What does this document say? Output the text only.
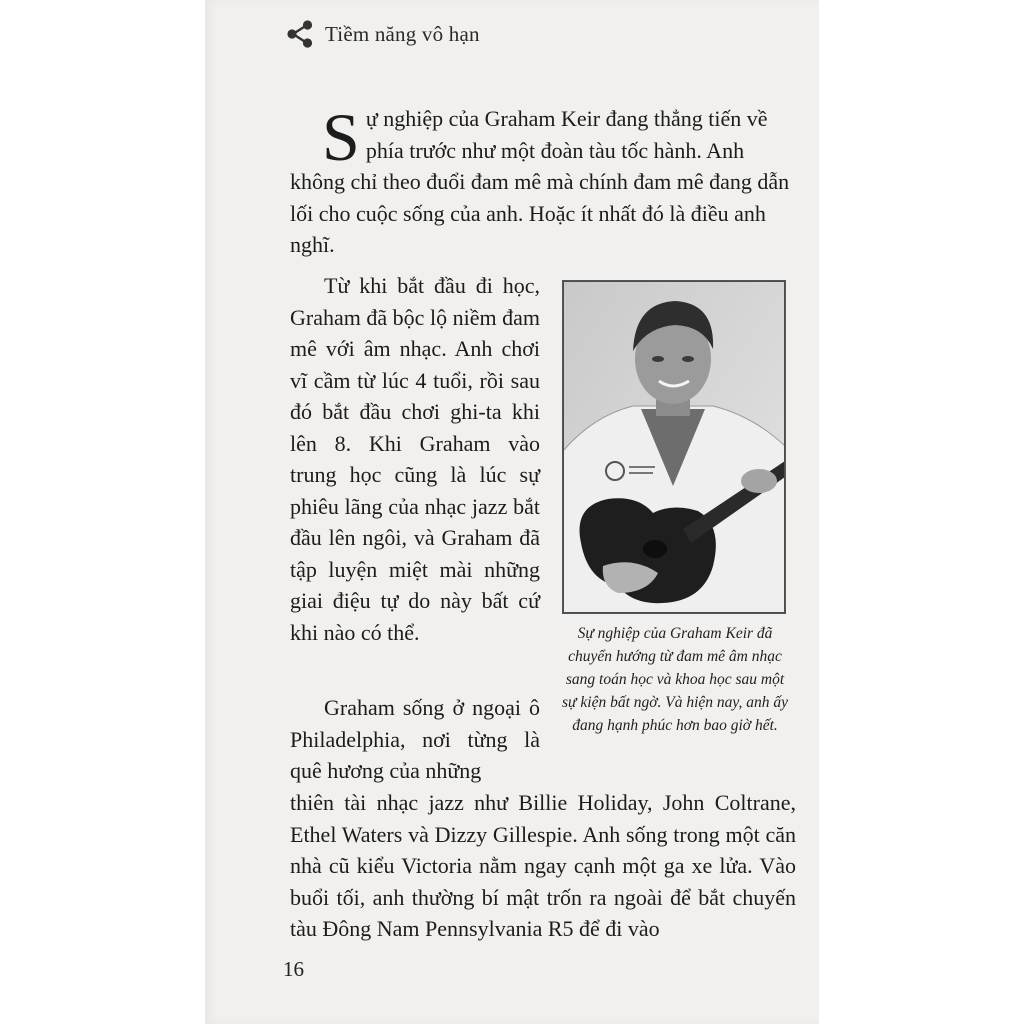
Tiềm năng vô hạn

Sự nghiệp của Graham Keir đang thẳng tiến về phía trước như một đoàn tàu tốc hành. Anh không chỉ theo đuổi đam mê mà chính đam mê đang dẫn lối cho cuộc sống của anh. Hoặc ít nhất đó là điều anh nghĩ.

Từ khi bắt đầu đi học, Graham đã bộc lộ niềm đam mê với âm nhạc. Anh chơi vĩ cầm từ lúc 4 tuổi, rồi sau đó bắt đầu chơi ghi-ta khi lên 8. Khi Graham vào trung học cũng là lúc sự phiêu lãng của nhạc jazz bắt đầu lên ngôi, và Graham đã tập luyện miệt mài những giai điệu tự do này bất cứ khi nào có thể.	Sự nghiệp của Graham Keir đã chuyển hướng từ đam mê âm nhạc sang toán học và khoa học sau một sự kiện bất ngờ. Và hiện nay, anh ấy đang hạnh phúc hơn bao giờ hết.

Graham sống ở ngoại ô Philadelphia, nơi từng là quê hương của những

thiên tài nhạc jazz như Billie Holiday, John Coltrane, Ethel Waters và Dizzy Gillespie. Anh sống trong một căn nhà cũ kiểu Victoria nằm ngay cạnh một ga xe lửa. Vào buổi tối, anh thường bí mật trốn ra ngoài để bắt chuyến tàu Đông Nam Pennsylvania R5 để đi vào

16
